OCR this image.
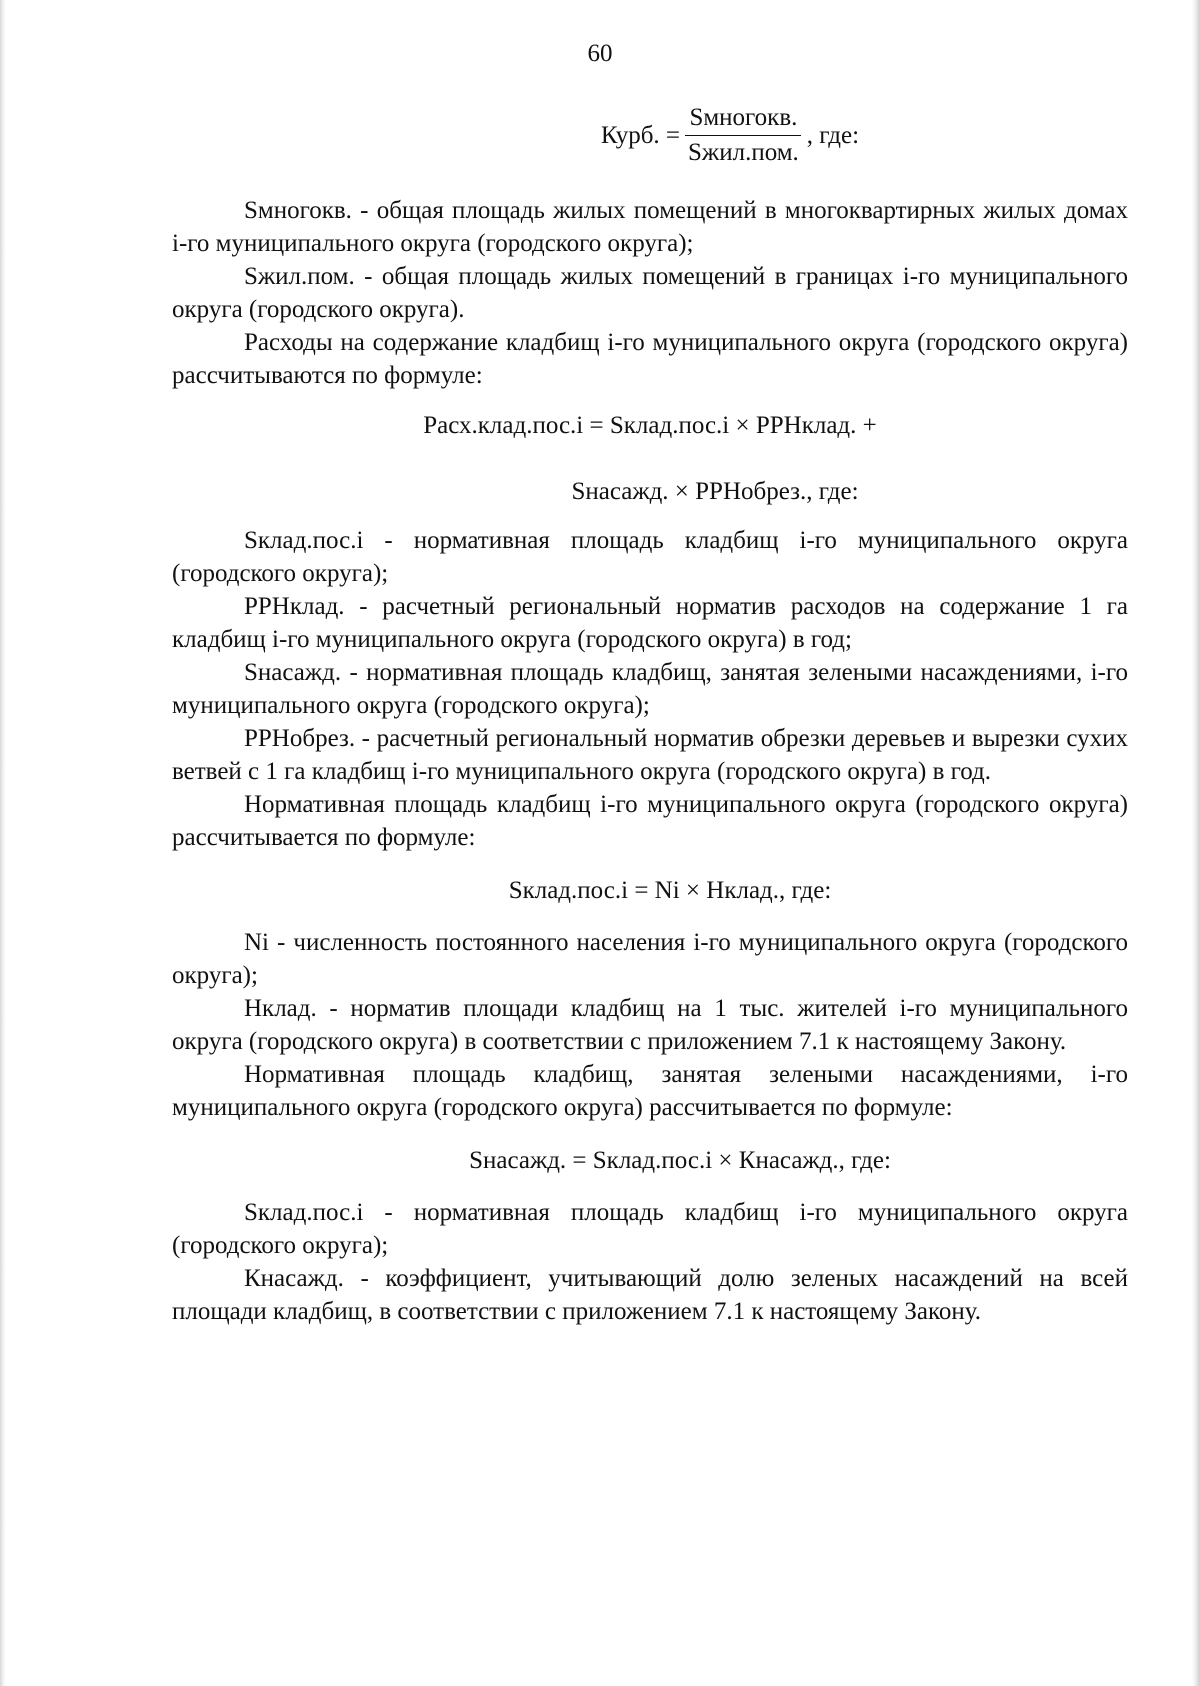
60
Курб. = $\frac{\text{Sмногокв.}}{\text{Sжил.пом.}}$ , где:

Sмногокв. - общая площадь жилых помещений в многоквартирных жилых домах i-го муниципального округа (городского округа);

Sжил.пом. - общая площадь жилых помещений в границах i-го муниципального округа (городского округа).

Расходы на содержание кладбищ i-го муниципального округа (городского округа) рассчитываются по формуле:

Расх.клад.пос.i = Sклад.пос.i × РРНклад. +
Sнасажд. × РРНобрез., где:

Sклад.пос.i - нормативная площадь кладбищ i-го муниципального округа (городского округа);

РРНклад. - расчетный региональный норматив расходов на содержание 1 га кладбищ i-го муниципального округа (городского округа) в год;

Sнасажд. - нормативная площадь кладбищ, занятая зелеными насаждениями, i-го муниципального округа (городского округа);

РРНобрез. - расчетный региональный норматив обрезки деревьев и вырезки сухих ветвей с 1 га кладбищ i-го муниципального округа (городского округа) в год.

Нормативная площадь кладбищ i-го муниципального округа (городского округа) рассчитывается по формуле:

Sклад.пос.i = Ni × Нклад., где:

Ni - численность постоянного населения i-го муниципального округа (городского округа);

Нклад. - норматив площади кладбищ на 1 тыс. жителей i-го муниципального округа (городского округа) в соответствии с приложением 7.1 к настоящему Закону.

Нормативная площадь кладбищ, занятая зелеными насаждениями, i-го муниципального округа (городского округа) рассчитывается по формуле:

Sнасажд. = Sклад.пос.i × Кнасажд., где:

Sклад.пос.i - нормативная площадь кладбищ i-го муниципального округа (городского округа);

Кнасажд. - коэффициент, учитывающий долю зеленых насаждений на всей площади кладбищ, в соответствии с приложением 7.1 к настоящему Закону.
